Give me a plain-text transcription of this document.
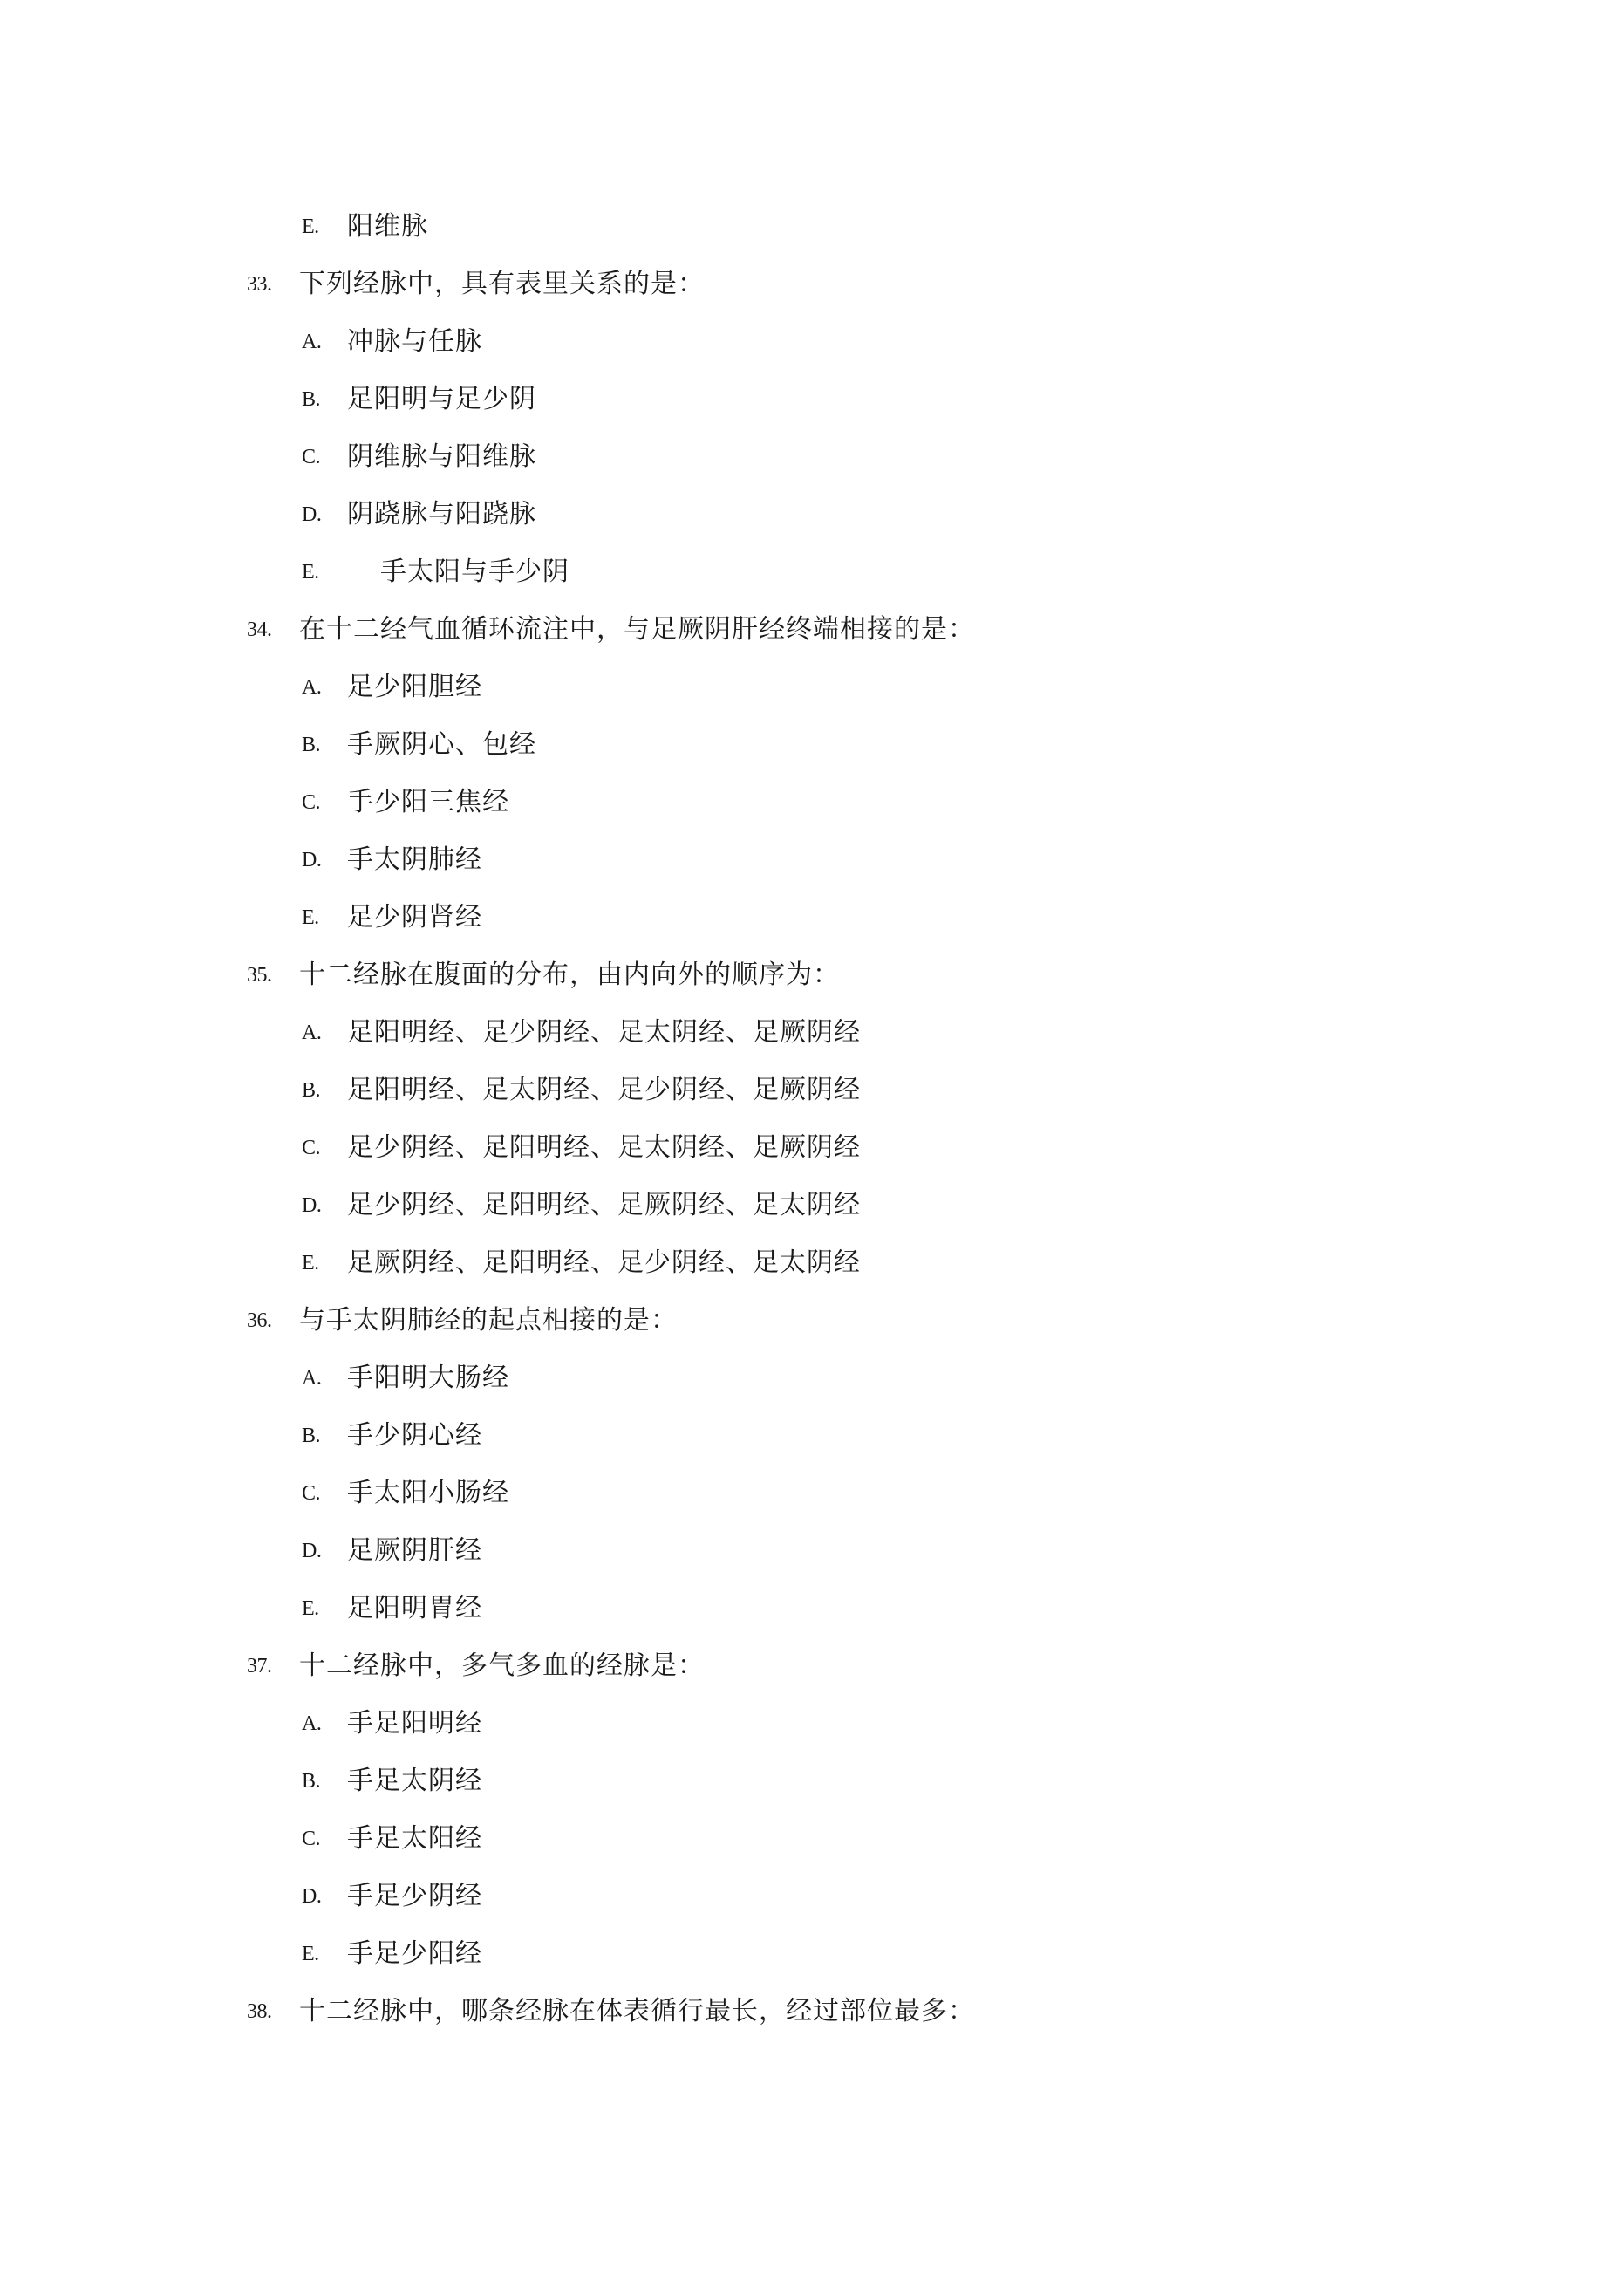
E. 阳维脉
33. 下列经脉中，具有表里关系的是：
A. 冲脉与任脉
B. 足阳明与足少阴
C. 阴维脉与阳维脉
D. 阴跷脉与阳跷脉
E. 手太阳与手少阴
34. 在十二经气血循环流注中，与足厥阴肝经终端相接的是：
A. 足少阳胆经
B. 手厥阴心、包经
C. 手少阳三焦经
D. 手太阴肺经
E. 足少阴肾经
35. 十二经脉在腹面的分布，由内向外的顺序为：
A. 足阳明经、足少阴经、足太阴经、足厥阴经
B. 足阳明经、足太阴经、足少阴经、足厥阴经
C. 足少阴经、足阳明经、足太阴经、足厥阴经
D. 足少阴经、足阳明经、足厥阴经、足太阴经
E. 足厥阴经、足阳明经、足少阴经、足太阴经
36. 与手太阴肺经的起点相接的是：
A. 手阳明大肠经
B. 手少阴心经
C. 手太阳小肠经
D. 足厥阴肝经
E. 足阳明胃经
37. 十二经脉中，多气多血的经脉是：
A. 手足阳明经
B. 手足太阴经
C. 手足太阳经
D. 手足少阴经
E. 手足少阳经
38. 十二经脉中，哪条经脉在体表循行最长，经过部位最多：
